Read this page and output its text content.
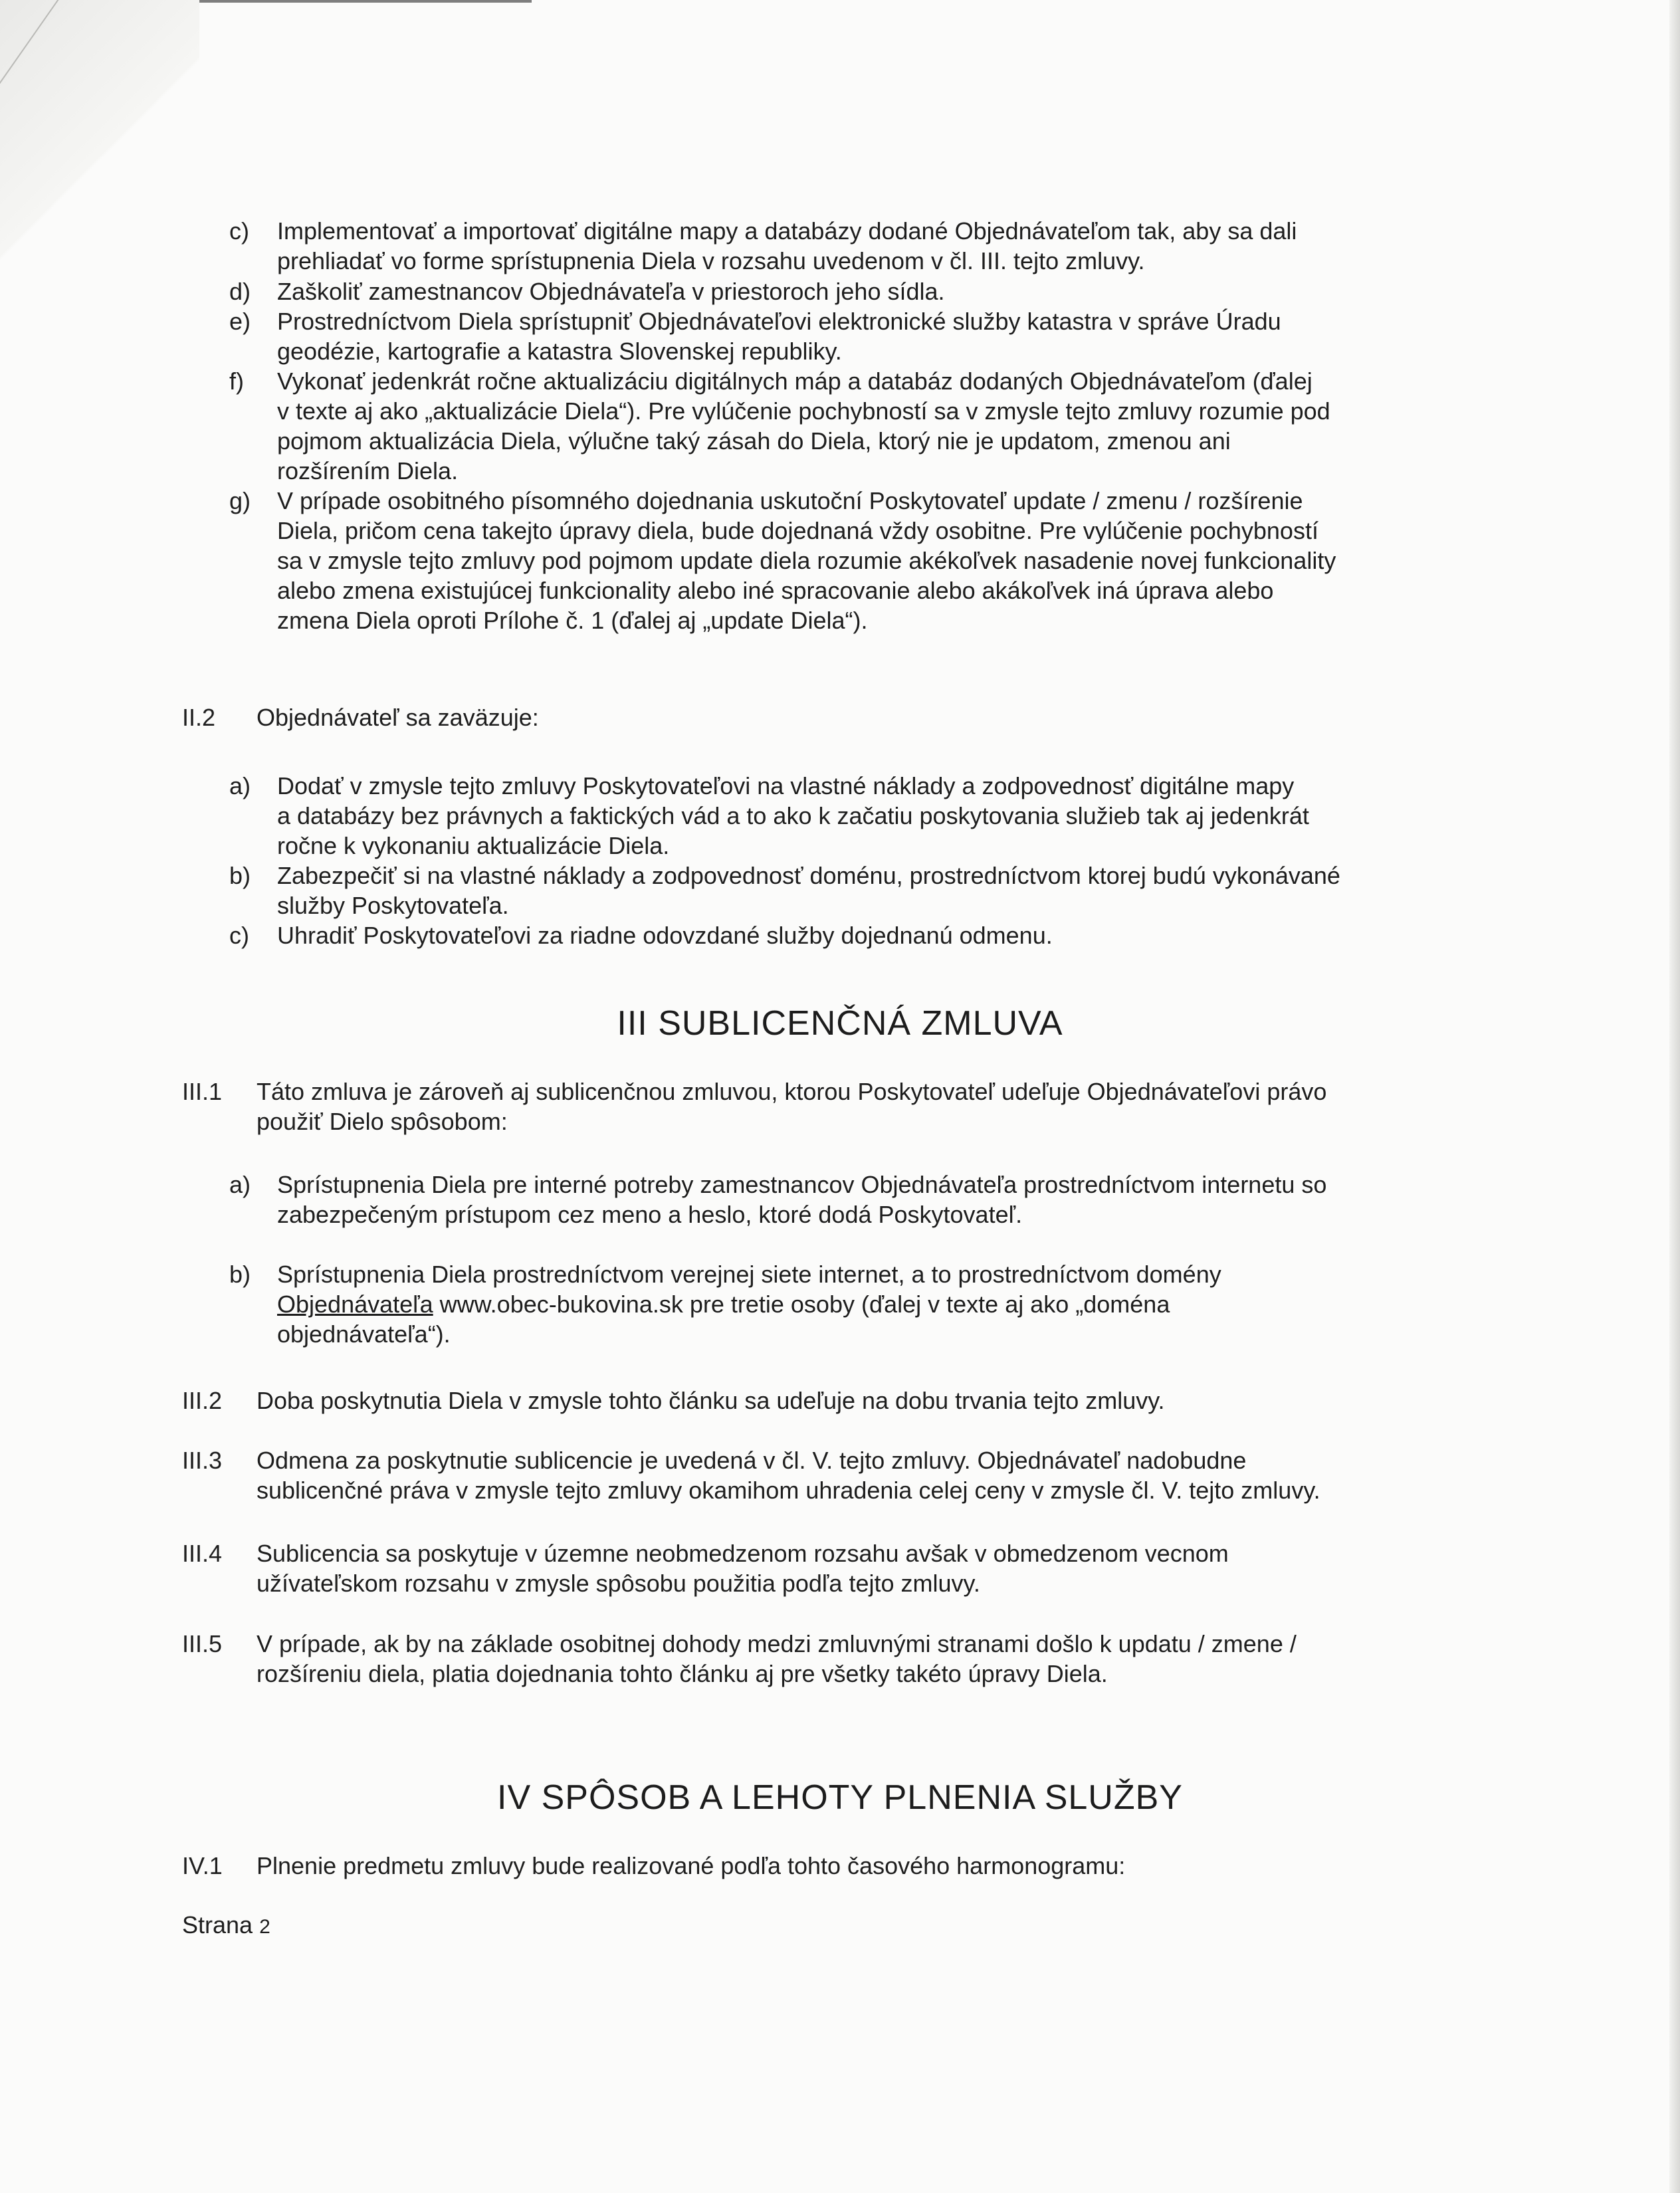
c)	Implementovať a importovať digitálne mapy a databázy dodané Objednávateľom tak, aby sa dali
prehliadať vo forme sprístupnenia Diela v rozsahu uvedenom v čl. III. tejto zmluvy.
d)	Zaškoliť zamestnancov Objednávateľa v priestoroch jeho sídla.
e)	Prostredníctvom Diela sprístupniť Objednávateľovi elektronické služby katastra v správe Úradu
geodézie, kartografie a katastra Slovenskej republiky.
f)	Vykonať jedenkrát ročne aktualizáciu digitálnych máp a databáz dodaných Objednávateľom (ďalej
v texte aj ako „aktualizácie Diela“). Pre vylúčenie pochybností sa v zmysle tejto zmluvy rozumie pod
pojmom aktualizácia Diela, výlučne taký zásah do Diela, ktorý nie je updatom, zmenou ani
rozšírením Diela.
g)	V prípade osobitného písomného dojednania uskutoční Poskytovateľ update / zmenu / rozšírenie
Diela, pričom cena takejto úpravy diela, bude dojednaná vždy osobitne. Pre vylúčenie pochybností
sa v zmysle tejto zmluvy pod pojmom update diela rozumie akékoľvek nasadenie novej funkcionality
alebo zmena existujúcej funkcionality alebo iné spracovanie alebo akákoľvek iná úprava alebo
zmena Diela oproti Prílohe č. 1 (ďalej aj „update Diela“).
II.2 Objednávateľ sa zaväzuje:
a)	Dodať v zmysle tejto zmluvy Poskytovateľovi na vlastné náklady a zodpovednosť digitálne mapy
a databázy bez právnych a faktických vád a to ako k začatiu poskytovania služieb tak aj jedenkrát
ročne k vykonaniu aktualizácie Diela.
b)	Zabezpečiť si na vlastné náklady a zodpovednosť doménu, prostredníctvom ktorej budú vykonávané
služby Poskytovateľa.
c)	Uhradiť Poskytovateľovi za riadne odovzdané služby dojednanú odmenu.
III SUBLICENČNÁ ZMLUVA
III.1 Táto zmluva je zároveň aj sublicenčnou zmluvou, ktorou Poskytovateľ udeľuje Objednávateľovi právo
použiť Dielo spôsobom:
a)	Sprístupnenia Diela pre interné potreby zamestnancov Objednávateľa prostredníctvom internetu so
zabezpečeným prístupom cez meno a heslo, ktoré dodá Poskytovateľ.
b)	Sprístupnenia Diela prostredníctvom verejnej siete internet, a to prostredníctvom domény
Objednávateľa www.obec-bukovina.sk pre tretie osoby (ďalej v texte aj ako „doména
objednávateľa“).
III.2 Doba poskytnutia Diela v zmysle tohto článku sa udeľuje na dobu trvania tejto zmluvy.
III.3 Odmena za poskytnutie sublicencie je uvedená v čl. V. tejto zmluvy. Objednávateľ nadobudne
sublicenčné práva v zmysle tejto zmluvy okamihom uhradenia celej ceny v zmysle čl. V. tejto zmluvy.
III.4 Sublicencia sa poskytuje v územne neobmedzenom rozsahu avšak v obmedzenom vecnom
užívateľskom rozsahu v zmysle spôsobu použitia podľa tejto zmluvy.
III.5 V prípade, ak by na základe osobitnej dohody medzi zmluvnými stranami došlo k updatu / zmene /
rozšíreniu diela, platia dojednania tohto článku aj pre všetky takéto úpravy Diela.
IV SPÔSOB A LEHOTY PLNENIA SLUŽBY
IV.1 Plnenie predmetu zmluvy bude realizované podľa tohto časového harmonogramu:
Strana 2
